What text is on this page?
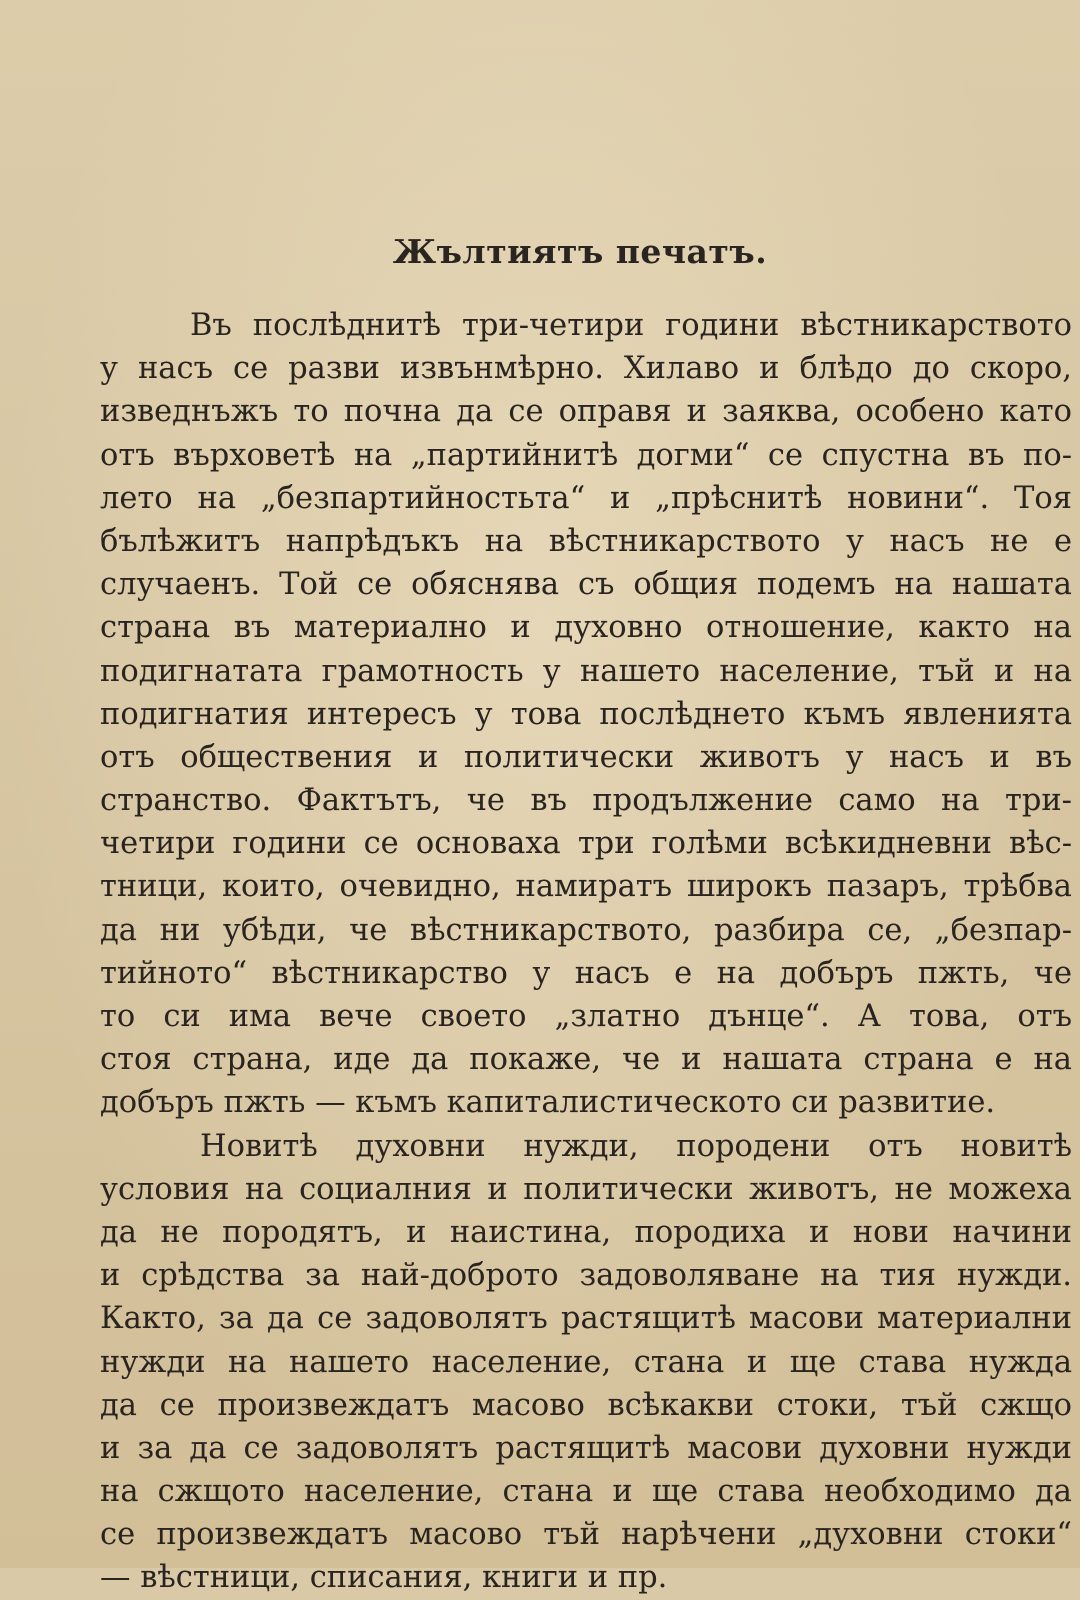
Жълтиятъ печатъ.
Въ послѣднитѣ три-четири години вѣстникарството
у насъ се разви извънмѣрно. Хилаво и блѣдо до скоро,
изведнъжъ то почна да се оправя и заяква, особено като
отъ върховетѣ на „партийнитѣ догми“ се спустна въ по-
лето на „безпартийностьта“ и „прѣснитѣ новини“. Тоя
бълѣжитъ напрѣдъкъ на вѣстникарството у насъ не е
случаенъ. Той се обяснява съ общия подемъ на нашата
страна въ материално и духовно отношение, както на
подигнатата грамотность у нашето население, тъй и на
подигнатия интересъ у това послѣднето къмъ явленията
отъ обществения и политически животъ у насъ и въ
странство. Фактътъ, че въ продължение само на три-
четири години се основаха три голѣми всѣкидневни вѣс-
тници, които, очевидно, намиратъ широкъ пазаръ, трѣбва
да ни убѣди, че вѣстникарството, разбира се, „безпар-
тийното“ вѣстникарство у насъ е на добъръ пжть, че
то си има вече своето „златно дънце“. А това, отъ
стоя страна, иде да покаже, че и нашата страна е на
добъръ пжть — къмъ капиталистическото си развитие.
Новитѣ духовни нужди, породени отъ новитѣ
условия на социалния и политически животъ, не можеха
да не породятъ, и наистина, породиха и нови начини
и срѣдства за най-доброто задоволяване на тия нужди.
Както, за да се задоволятъ растящитѣ масови материални
нужди на нашето население, стана и ще става нужда
да се произвеждатъ масово всѣкакви стоки, тъй сжщо
и за да се задоволятъ растящитѣ масови духовни нужди
на сжщото население, стана и ще става необходимо да
се произвеждатъ масово тъй нарѣчени „духовни стоки“
— вѣстници, списания, книги и пр.
